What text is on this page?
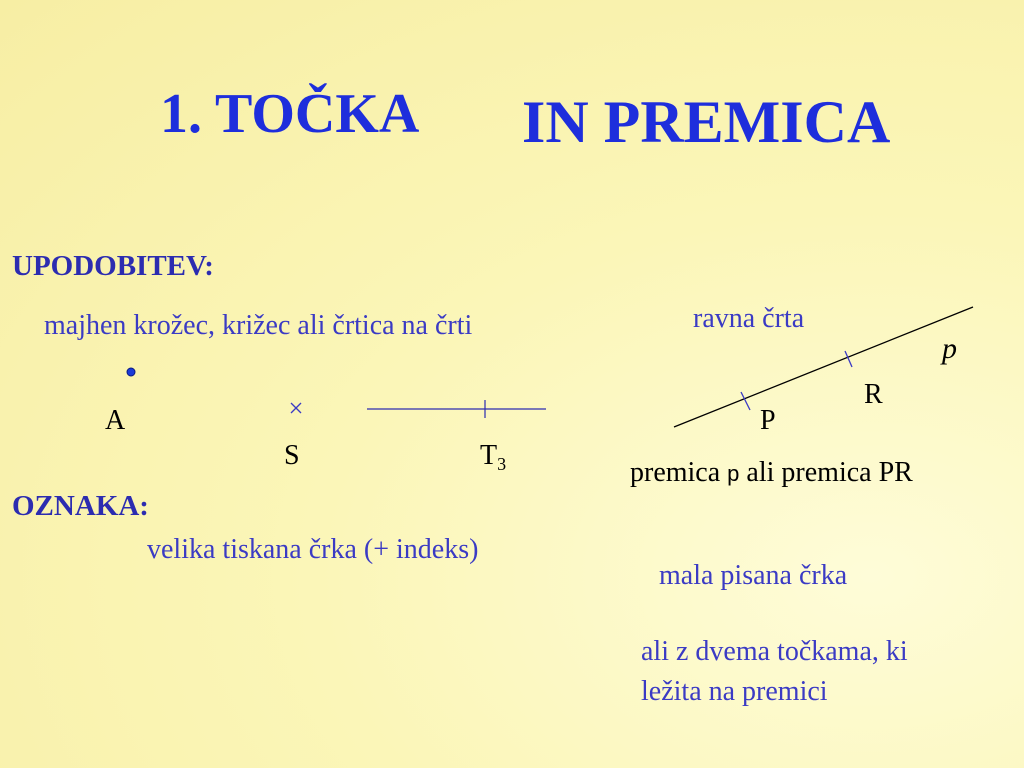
1. TOČKA IN PREMICA
UPODOBITEV:
majhen krožec, križec ali črtica na črti
A
S	$T_3$
OZNAKA:
velika tiskana črka (+ indeks)
ravna črta
p
R
P
premica p ali premica PR
mala pisana črka
ali z dvema točkama, ki
ležita na premici
